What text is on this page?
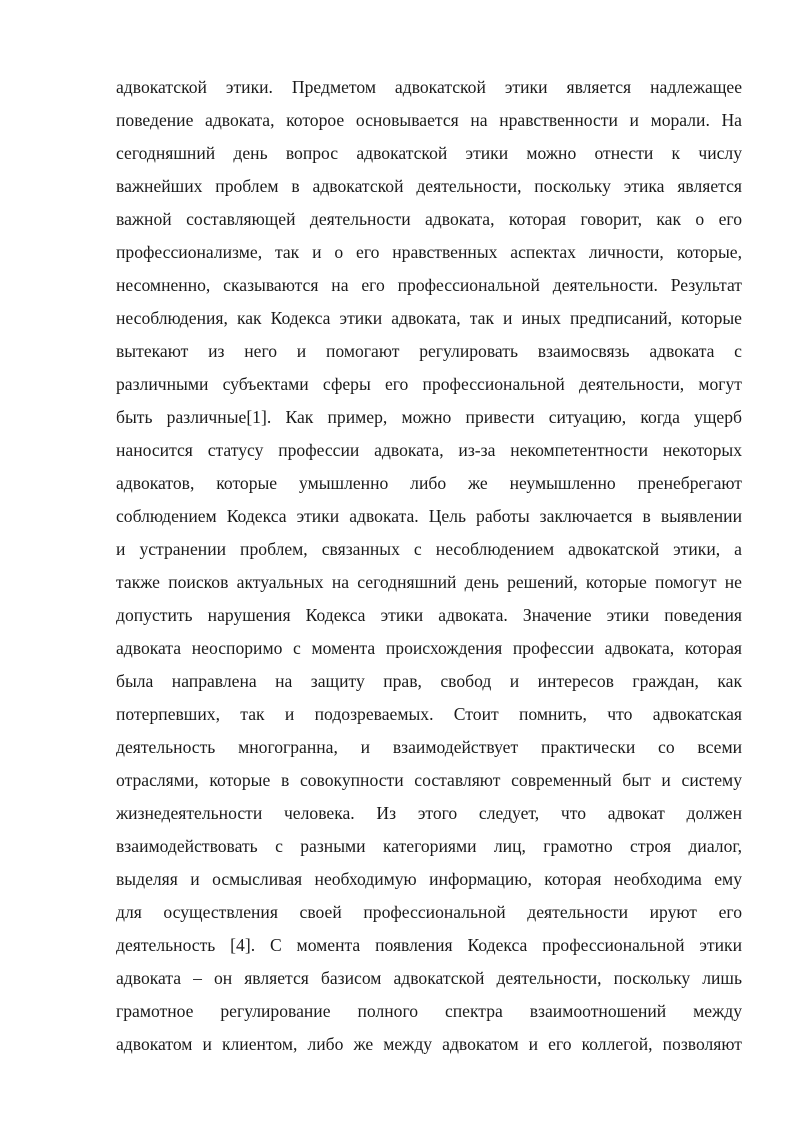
адвокатской этики. Предметом адвокатской этики является надлежащее
поведение адвоката, которое основывается на нравственности и морали. На
сегодняшний день вопрос адвокатской этики можно отнести к числу
важнейших проблем в адвокатской деятельности, поскольку этика является
важной составляющей деятельности адвоката, которая говорит, как о его
профессионализме, так и о его нравственных аспектах личности, которые,
несомненно, сказываются на его профессиональной деятельности. Результат
несоблюдения, как Кодекса этики адвоката, так и иных предписаний, которые
вытекают из него и помогают регулировать взаимосвязь адвоката с
различными субъектами сферы его профессиональной деятельности, могут
быть различные[1]. Как пример, можно привести ситуацию, когда ущерб
наносится статусу профессии адвоката, из-за некомпетентности некоторых
адвокатов, которые умышленно либо же неумышленно пренебрегают
соблюдением Кодекса этики адвоката. Цель работы заключается в выявлении
и устранении проблем, связанных с несоблюдением адвокатской этики, а
также поисков актуальных на сегодняшний день решений, которые помогут не
допустить нарушения Кодекса этики адвоката. Значение этики поведения
адвоката неоспоримо с момента происхождения профессии адвоката, которая
была направлена на защиту прав, свобод и интересов граждан, как
потерпевших, так и подозреваемых. Стоит помнить, что адвокатская
деятельность многогранна, и взаимодействует практически со всеми
отраслями, которые в совокупности составляют современный быт и систему
жизнедеятельности человека. Из этого следует, что адвокат должен
взаимодействовать с разными категориями лиц, грамотно строя диалог,
выделяя и осмысливая необходимую информацию, которая необходима ему
для осуществления своей профессиональной деятельности ируют его
деятельность [4]. С момента появления Кодекса профессиональной этики
адвоката – он является базисом адвокатской деятельности, поскольку лишь
грамотное регулирование полного спектра взаимоотношений между
адвокатом и клиентом, либо же между адвокатом и его коллегой, позволяют
